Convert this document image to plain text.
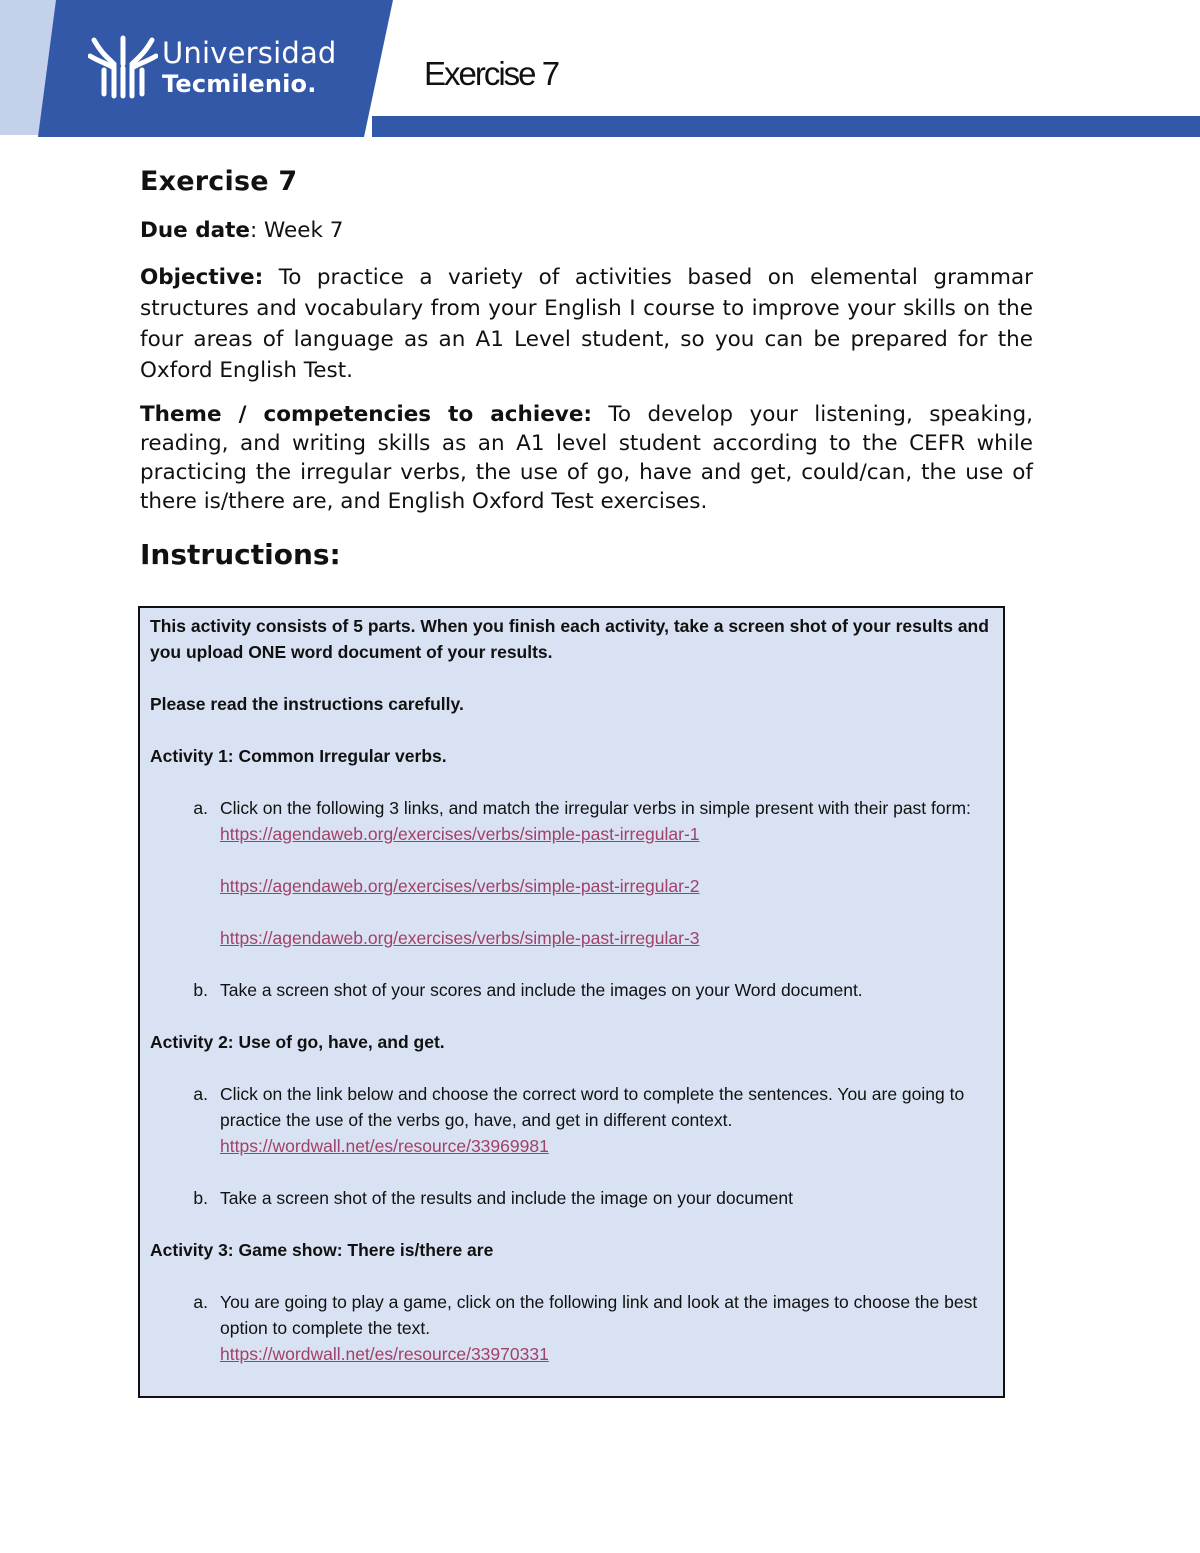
Universidad
Tecmilenio.	Exercise 7
Exercise 7

Due date: Week 7

Objective: To practice a variety of activities based on elemental grammar structures and vocabulary from your English I course to improve your skills on the four areas of language as an A1 Level student, so you can be prepared for the Oxford English Test.

Theme / competencies to achieve: To develop your listening, speaking, reading, and writing skills as an A1 level student according to the CEFR while practicing the irregular verbs, the use of go, have and get, could/can, the use of there is/there are, and English Oxford Test exercises.

Instructions:

This activity consists of 5 parts. When you finish each activity, take a screen shot of your results and you upload ONE word document of your results.

Please read the instructions carefully.

Activity 1: Common Irregular verbs.

a. Click on the following 3 links, and match the irregular verbs in simple present with their past form:

https://agendaweb.org/exercises/verbs/simple-past-irregular-1

https://agendaweb.org/exercises/verbs/simple-past-irregular-2

https://agendaweb.org/exercises/verbs/simple-past-irregular-3

b. Take a screen shot of your scores and include the images on your Word document.

Activity 2: Use of go, have, and get.

a. Click on the link below and choose the correct word to complete the sentences. You are going to practice the use of the verbs go, have, and get in different context.

https://wordwall.net/es/resource/33969981

b. Take a screen shot of the results and include the image on your document

Activity 3: Game show: There is/there are

a. You are going to play a game, click on the following link and look at the images to choose the best option to complete the text.

https://wordwall.net/es/resource/33970331
